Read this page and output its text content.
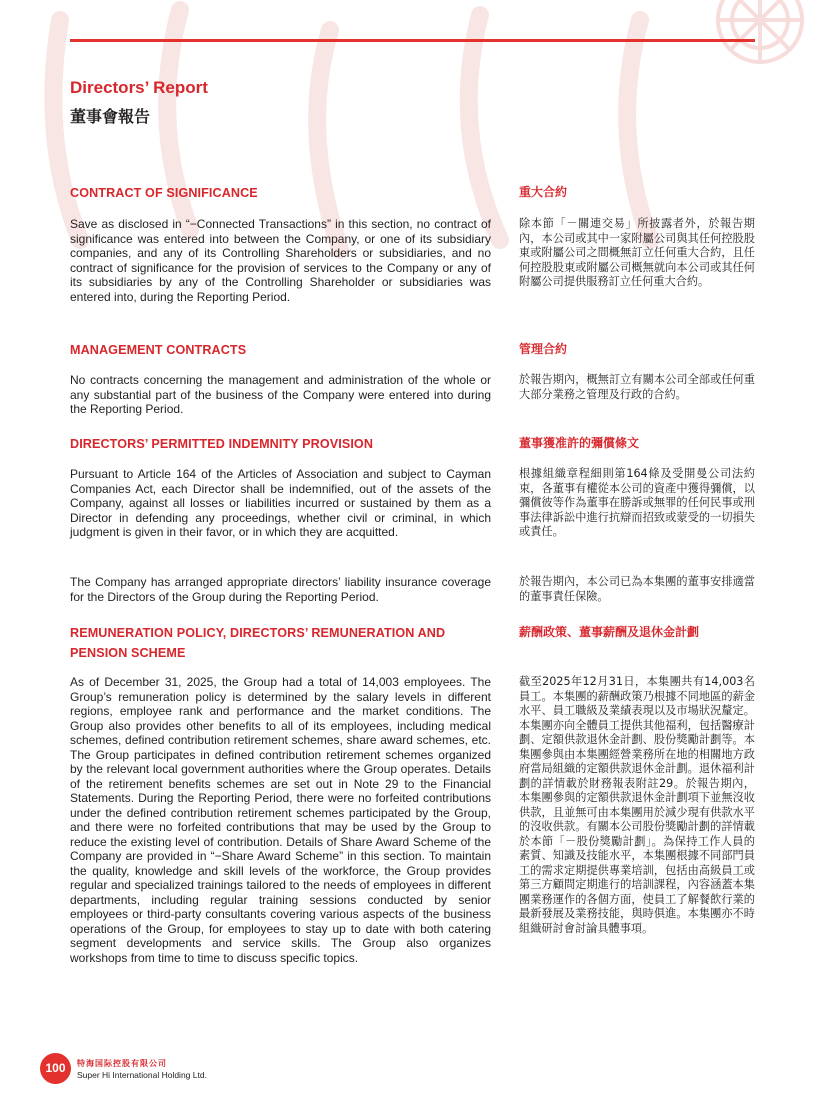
Directors’ Report
董事會報告
CONTRACT OF SIGNIFICANCE	重大合約

Save as disclosed in “−Connected Transactions” in this section, no contract of significance was entered into between the Company, or one of its subsidiary companies, and any of its Controlling Shareholders or subsidiaries, and no contract of significance for the provision of services to the Company or any of its subsidiaries by any of the Controlling Shareholder or subsidiaries was entered into, during the Reporting Period.

除本節「－關連交易」所披露者外，於報告期內，本公司或其中一家附屬公司與其任何控股股東或附屬公司之間概無訂立任何重大合約，且任何控股股東或附屬公司概無就向本公司或其任何附屬公司提供服務訂立任何重大合約。

MANAGEMENT CONTRACTS	管理合約

No contracts concerning the management and administration of the whole or any substantial part of the business of the Company were entered into during the Reporting Period.

於報告期內，概無訂立有關本公司全部或任何重大部分業務之管理及行政的合約。

DIRECTORS’ PERMITTED INDEMNITY PROVISION	董事獲准許的彌償條文

Pursuant to Article 164 of the Articles of Association and subject to Cayman Companies Act, each Director shall be indemnified, out of the assets of the Company, against all losses or liabilities incurred or sustained by them as a Director in defending any proceedings, whether civil or criminal, in which judgment is given in their favor, or in which they are acquitted.

根據組織章程細則第164條及受開曼公司法約束，各董事有權從本公司的資產中獲得彌償，以彌償彼等作為董事在勝訴或無罪的任何民事或刑事法律訴訟中進行抗辯而招致或蒙受的一切損失或責任。

The Company has arranged appropriate directors’ liability insurance coverage for the Directors of the Group during the Reporting Period.

於報告期內，本公司已為本集團的董事安排適當的董事責任保險。

REMUNERATION POLICY, DIRECTORS’ REMUNERATION AND PENSION SCHEME
薪酬政策、董事薪酬及退休金計劃

As of December 31, 2025, the Group had a total of 14,003 employees. The Group’s remuneration policy is determined by the salary levels in different regions, employee rank and performance and the market conditions. The Group also provides other benefits to all of its employees, including medical schemes, defined contribution retirement schemes, share award schemes, etc. The Group participates in defined contribution retirement schemes organized by the relevant local government authorities where the Group operates. Details of the retirement benefits schemes are set out in Note 29 to the Financial Statements. During the Reporting Period, there were no forfeited contributions under the defined contribution retirement schemes participated by the Group, and there were no forfeited contributions that may be used by the Group to reduce the existing level of contribution. Details of Share Award Scheme of the Company are provided in “−Share Award Scheme” in this section. To maintain the quality, knowledge and skill levels of the workforce, the Group provides regular and specialized trainings tailored to the needs of employees in different departments, including regular training sessions conducted by senior employees or third-party consultants covering various aspects of the business operations of the Group, for employees to stay up to date with both catering segment developments and service skills. The Group also organizes workshops from time to time to discuss specific topics.

截至2025年12月31日，本集團共有14,003名員工。本集團的薪酬政策乃根據不同地區的薪金水平、員工職級及業績表現以及市場狀況釐定。本集團亦向全體員工提供其他福利，包括醫療計劃、定額供款退休金計劃、股份獎勵計劃等。本集團參與由本集團經營業務所在地的相關地方政府當局組織的定額供款退休金計劃。退休福利計劃的詳情載於財務報表附註29。於報告期內，本集團參與的定額供款退休金計劃項下並無沒收供款，且並無可由本集團用於減少現有供款水平的沒收供款。有關本公司股份獎勵計劃的詳情載於本節「－股份獎勵計劃」。為保持工作人員的素質、知識及技能水平，本集團根據不同部門員工的需求定期提供專業培訓，包括由高級員工或第三方顧問定期進行的培訓課程，內容涵蓋本集團業務運作的各個方面，使員工了解餐飲行業的最新發展及業務技能，與時俱進。本集團亦不時組織研討會討論具體事項。

100	特海国际控股有限公司
Super Hi International Holding Ltd.
